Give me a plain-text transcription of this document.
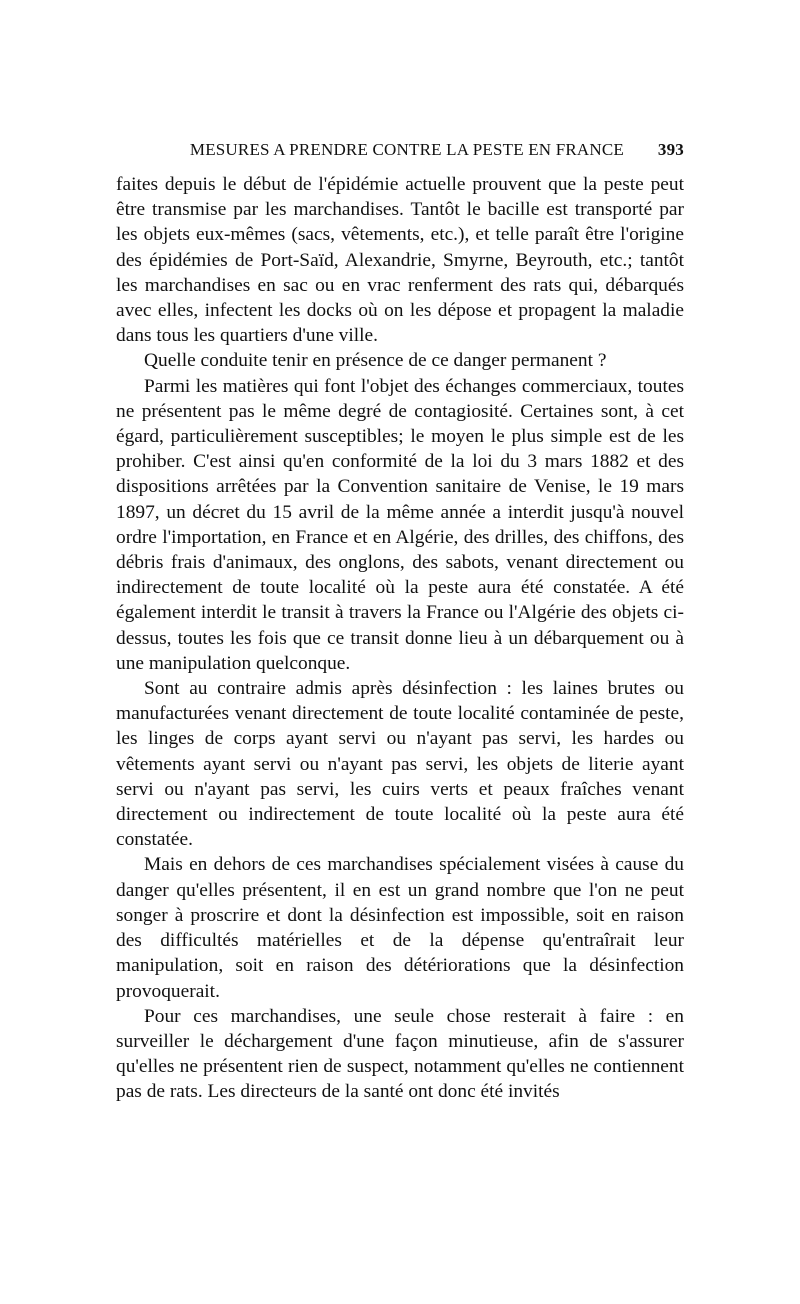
MESURES A PRENDRE CONTRE LA PESTE EN FRANCE	393

faites depuis le début de l'épidémie actuelle prouvent que la peste peut être transmise par les marchandises. Tantôt le bacille est transporté par les objets eux-mêmes (sacs, vêtements, etc.), et telle paraît être l'origine des épidémies de Port-Saïd, Alexandrie, Smyrne, Beyrouth, etc.; tantôt les marchandises en sac ou en vrac renferment des rats qui, débarqués avec elles, infectent les docks où on les dépose et propagent la maladie dans tous les quartiers d'une ville.

Quelle conduite tenir en présence de ce danger permanent ?

Parmi les matières qui font l'objet des échanges commerciaux, toutes ne présentent pas le même degré de contagiosité. Certaines sont, à cet égard, particulièrement susceptibles; le moyen le plus simple est de les prohiber. C'est ainsi qu'en conformité de la loi du 3 mars 1882 et des dispositions arrêtées par la Convention sanitaire de Venise, le 19 mars 1897, un décret du 15 avril de la même année a interdit jusqu'à nouvel ordre l'importation, en France et en Algérie, des drilles, des chiffons, des débris frais d'animaux, des onglons, des sabots, venant directement ou indirectement de toute localité où la peste aura été constatée. A été également interdit le transit à travers la France ou l'Algérie des objets ci-dessus, toutes les fois que ce transit donne lieu à un débarquement ou à une manipulation quelconque.

Sont au contraire admis après désinfection : les laines brutes ou manufacturées venant directement de toute localité contaminée de peste, les linges de corps ayant servi ou n'ayant pas servi, les hardes ou vêtements ayant servi ou n'ayant pas servi, les objets de literie ayant servi ou n'ayant pas servi, les cuirs verts et peaux fraîches venant directement ou indirectement de toute localité où la peste aura été constatée.

Mais en dehors de ces marchandises spécialement visées à cause du danger qu'elles présentent, il en est un grand nombre que l'on ne peut songer à proscrire et dont la désinfection est impossible, soit en raison des difficultés matérielles et de la dépense qu'entraîrait leur manipulation, soit en raison des détériorations que la désinfection provoquerait.

Pour ces marchandises, une seule chose resterait à faire : en surveiller le déchargement d'une façon minutieuse, afin de s'assurer qu'elles ne présentent rien de suspect, notamment qu'elles ne contiennent pas de rats. Les directeurs de la santé ont donc été invités
